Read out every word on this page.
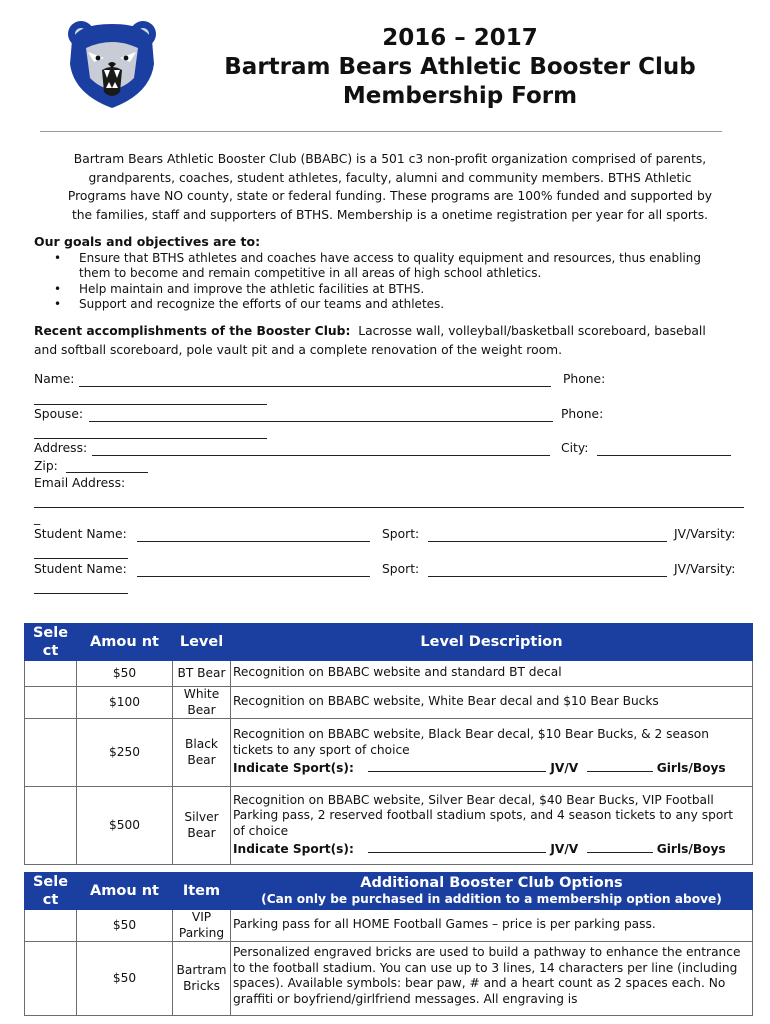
2016 – 2017
Bartram Bears Athletic Booster Club
Membership Form
Bartram Bears Athletic Booster Club (BBABC) is a 501 c3 non-profit organization comprised of parents,
grandparents, coaches, student athletes, faculty, alumni and community members. BTHS Athletic
Programs have NO county, state or federal funding. These programs are 100% funded and supported by
the families, staff and supporters of BTHS. Membership is a onetime registration per year for all sports.
Our goals and objectives are to:
• Ensure that BTHS athletes and coaches have access to quality equipment and resources, thus enabling
them to become and remain competitive in all areas of high school athletics.
• Help maintain and improve the athletic facilities at BTHS.
• Support and recognize the efforts of our teams and athletes.
Recent accomplishments of the Booster Club: Lacrosse wall, volleyball/basketball scoreboard, baseball
and softball scoreboard, pole vault pit and a complete renovation of the weight room.
Name:	Phone:
Spouse:	Phone:
Address:	City:
Zip:
Email Address:
_
Student Name:	Sport:	JV/Varsity:
Student Name:	Sport:	JV/Varsity:
Sele ct	Amou nt	Level	Level Description
	$50	BT Bear	Recognition on BBABC website and standard BT decal
	$100	White Bear	Recognition on BBABC website, White Bear decal and $10 Bear Bucks
	$250	Black Bear	Recognition on BBABC website, Black Bear decal, $10 Bear Bucks, & 2 season tickets to any sport of choice
Indicate Sport(s): JV/V Girls/Boys

	$500	Silver Bear	Recognition on BBABC website, Silver Bear decal, $40 Bear Bucks, VIP Football Parking pass, 2 reserved football stadium spots, and 4 season tickets to any sport of choice
Indicate Sport(s): JV/V Girls/Boys
Sele ct	Amou nt	Item	Additional Booster Club Options
(Can only be purchased in addition to a membership option above)

	$50	VIP Parking	Parking pass for all HOME Football Games – price is per parking pass.
	$50	Bartram Bricks	Personalized engraved bricks are used to build a pathway to enhance the entrance to the football stadium. You can use up to 3 lines, 14 characters per line (including spaces). Available symbols: bear paw, # and a heart count as 2 spaces each. No graffiti or boyfriend/girlfriend messages. All engraving is
